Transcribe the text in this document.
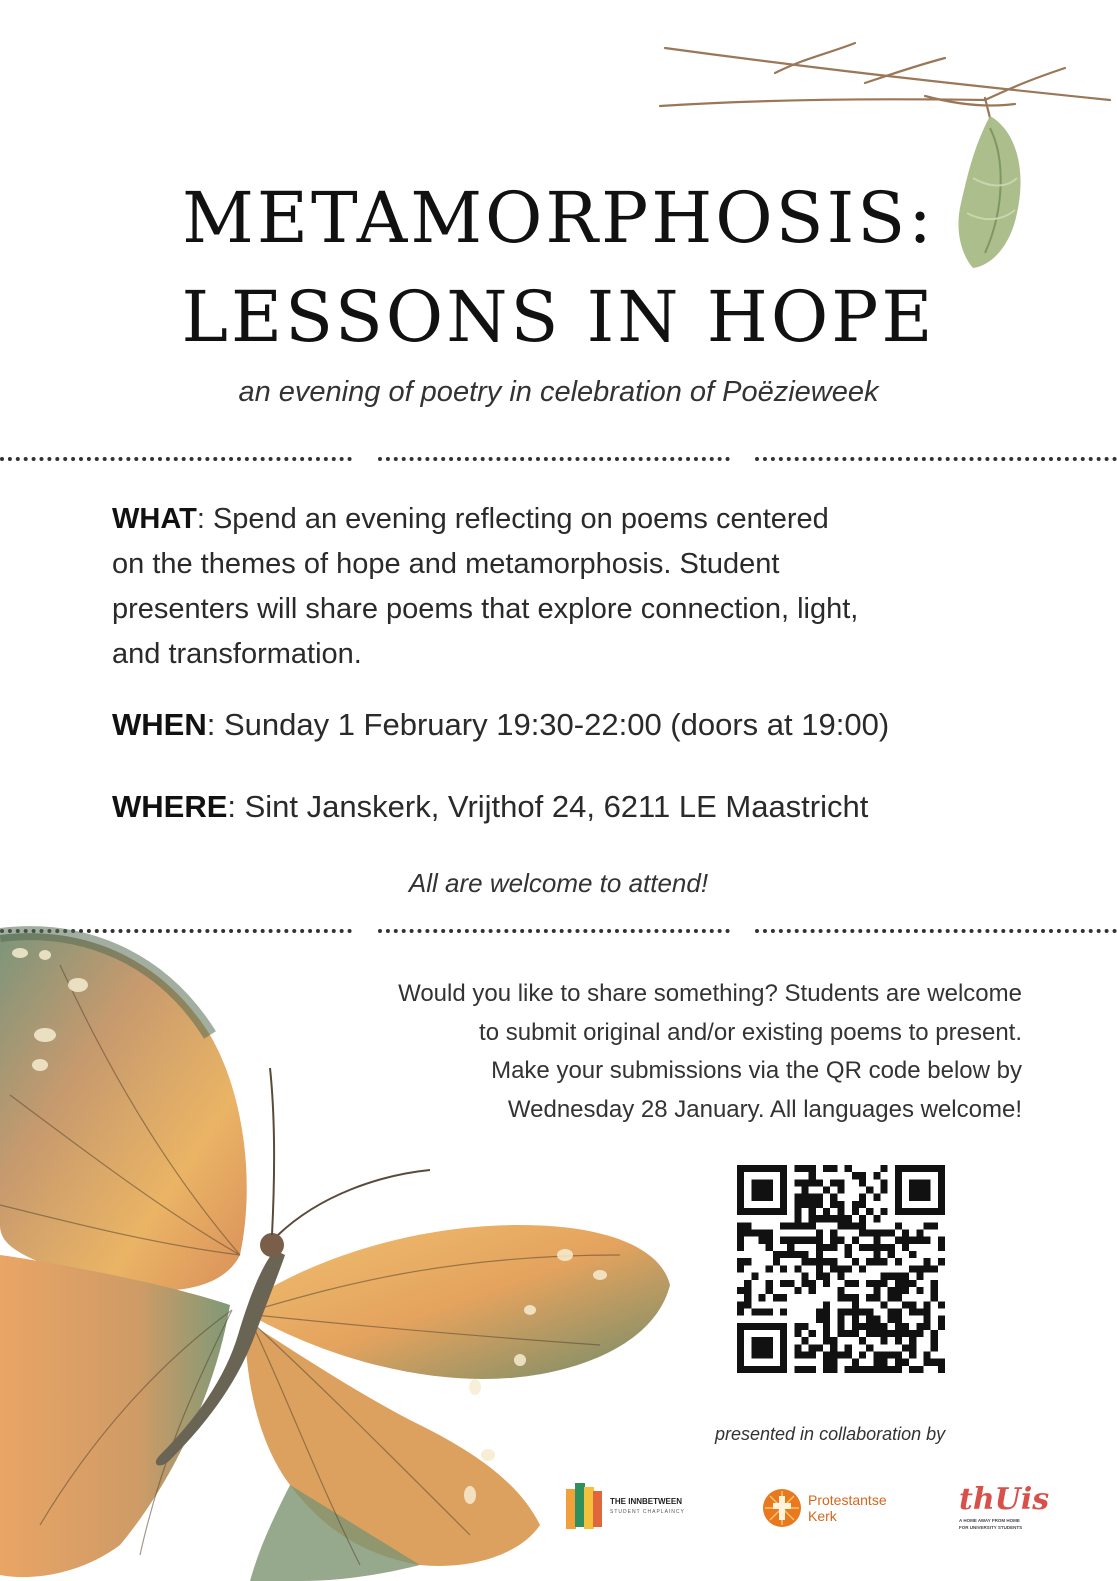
METAMORPHOSIS:
LESSONS IN HOPE
an evening of poetry in celebration of Poëzieweek
WHAT: Spend an evening reflecting on poems centered
on the themes of hope and metamorphosis. Student
presenters will share poems that explore connection, light,
and transformation.
WHEN: Sunday 1 February 19:30-22:00 (doors at 19:00)
WHERE: Sint Janskerk, Vrijthof 24, 6211 LE Maastricht
All are welcome to attend!
Would you like to share something? Students are welcome
to submit original and/or existing poems to present.
Make your submissions via the QR code below by
Wednesday 28 January. All languages welcome!
presented in collaboration by
THE INNBETWEEN
STUDENT CHAPLAINCY
Protestantse
Kerk	thUis
A HOME AWAY FROM HOME
FOR UNIVERSITY STUDENTS
